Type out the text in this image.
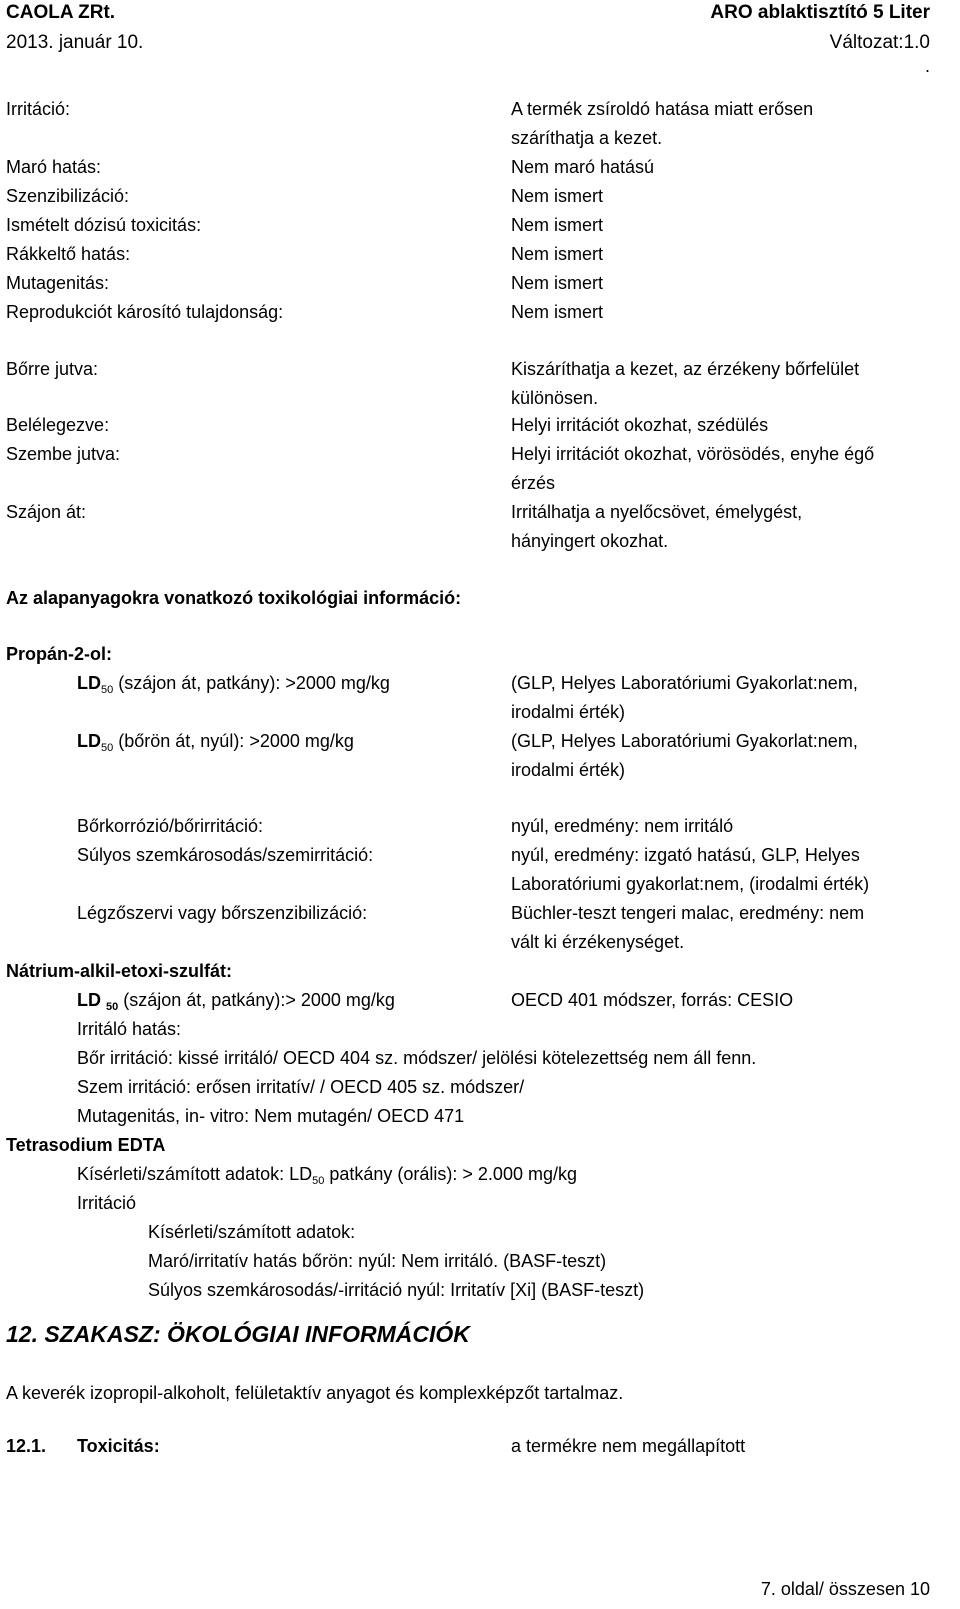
CAOLA ZRt.	ARO ablaktisztító 5 Liter
2013. január 10.	Változat:1.0
.
Irritáció:	A termék zsíroldó hatása miatt erősen
száríthatja a kezet.
Maró hatás:	Nem maró hatású
Szenzibilizáció:	Nem ismert
Ismételt dózisú toxicitás:	Nem ismert
Rákkeltő hatás:	Nem ismert
Mutagenitás:	Nem ismert
Reprodukciót károsító tulajdonság:	Nem ismert
Bőrre jutva:	Kiszáríthatja a kezet, az érzékeny bőrfelület
különösen.
Belélegezve:	Helyi irritációt okozhat, szédülés
Szembe jutva:	Helyi irritációt okozhat, vörösödés, enyhe égő
érzés
Szájon át:	Irritálhatja a nyelőcsövet, émelygést,
hányingert okozhat.
Az alapanyagokra vonatkozó toxikológiai információ:
Propán-2-ol:
$LD_{50}$ (szájon át, patkány): >2000 mg/kg	(GLP, Helyes Laboratóriumi Gyakorlat:nem,
irodalmi érték)
$LD_{50}$ (bőrön át, nyúl): >2000 mg/kg	(GLP, Helyes Laboratóriumi Gyakorlat:nem,
irodalmi érték)
Bőrkorrózió/bőrirritáció:	nyúl, eredmény: nem irritáló
Súlyos szemkárosodás/szemirritáció:	nyúl, eredmény: izgató hatású, GLP, Helyes
Laboratóriumi gyakorlat:nem, (irodalmi érték)
Légzőszervi vagy bőrszenzibilizáció:	Büchler-teszt tengeri malac, eredmény: nem
vált ki érzékenységet.
Nátrium-alkil-etoxi-szulfát:
LD $_{50}$ (szájon át, patkány):> 2000 mg/kg	OECD 401 módszer, forrás: CESIO
Irritáló hatás:
Bőr irritáció: kissé irritáló/ OECD 404 sz. módszer/ jelölési kötelezettség nem áll fenn.
Szem irritáció: erősen irritatív/ / OECD 405 sz. módszer/
Mutagenitás, in- vitro: Nem mutagén/ OECD 471
Tetrasodium EDTA
Kísérleti/számított adatok: $LD_{50}$ patkány (orális): > 2.000 mg/kg
Irritáció
Kísérleti/számított adatok:
Maró/irritatív hatás bőrön: nyúl: Nem irritáló. (BASF-teszt)
Súlyos szemkárosodás/-irritáció nyúl: Irritatív [Xi] (BASF-teszt)
12. SZAKASZ: ÖKOLÓGIAI INFORMÁCIÓK
A keverék izopropil-alkoholt, felületaktív anyagot és komplexképzőt tartalmaz.
12.1. Toxicitás:	a termékre nem megállapított
7. oldal/ összesen 10
